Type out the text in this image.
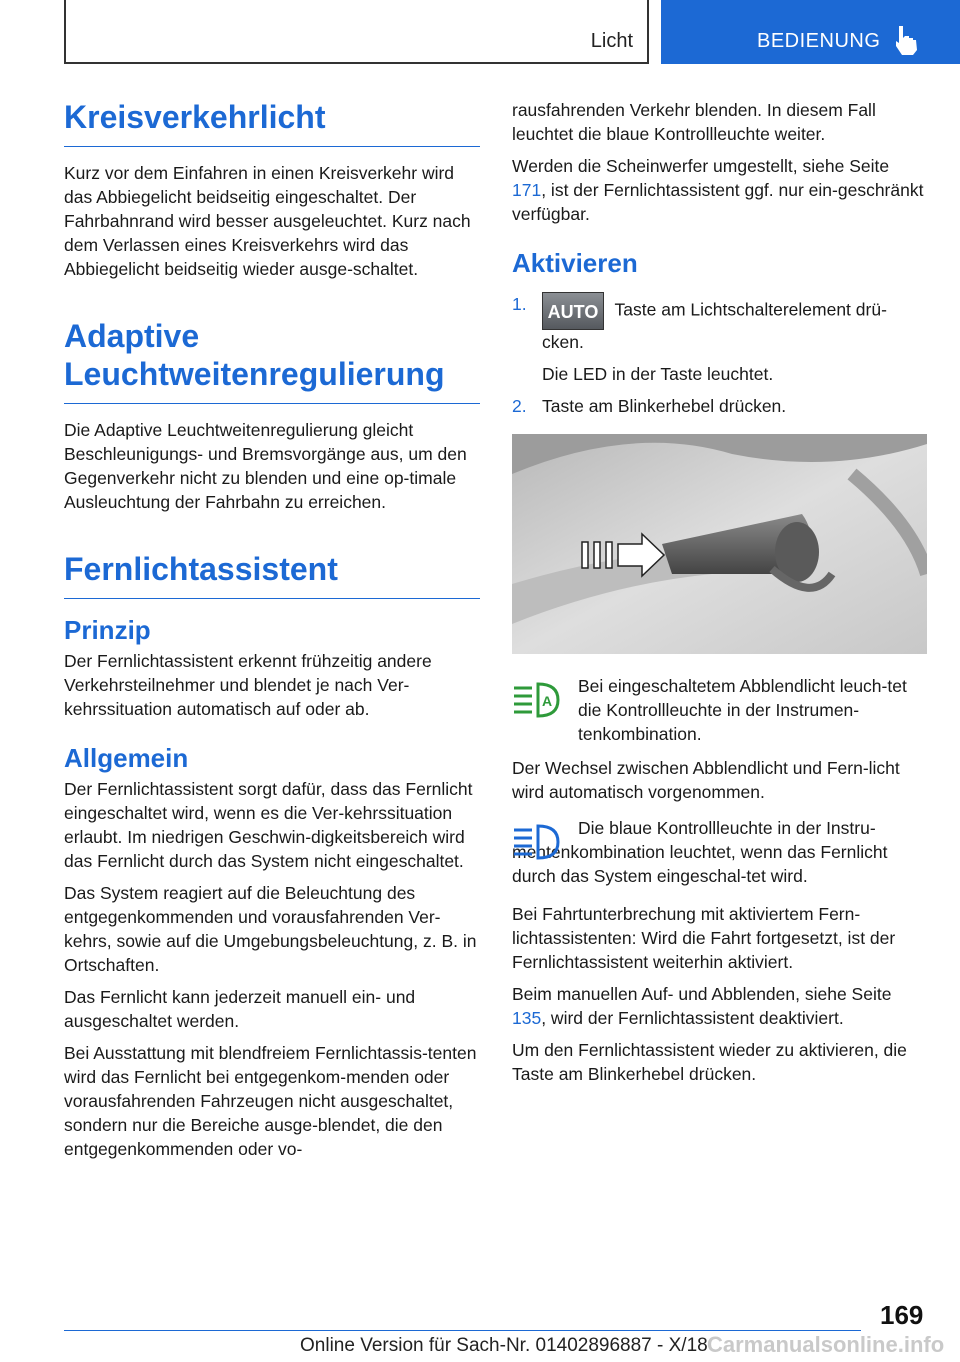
Licht	BEDIENUNG
Kreisverkehrlicht

Kurz vor dem Einfahren in einen Kreisverkehr wird das Abbiegelicht beidseitig eingeschaltet. Der Fahrbahnrand wird besser ausgeleuchtet. Kurz nach dem Verlassen eines Kreisverkehrs wird das Abbiegelicht beidseitig wieder ausge‐schaltet.

Adaptive
Leuchtweitenregulierung

Die Adaptive Leuchtweitenregulierung gleicht Beschleunigungs- und Bremsvorgänge aus, um den Gegenverkehr nicht zu blenden und eine op‐timale Ausleuchtung der Fahrbahn zu erreichen.

Fernlichtassistent
Prinzip

Der Fernlichtassistent erkennt frühzeitig andere Verkehrsteilnehmer und blendet je nach Ver‐kehrssituation automatisch auf oder ab.

Allgemein

Der Fernlichtassistent sorgt dafür, dass das Fernlicht eingeschaltet wird, wenn es die Ver‐kehrssituation erlaubt. Im niedrigen Geschwin‐digkeitsbereich wird das Fernlicht durch das System nicht eingeschaltet.

Das System reagiert auf die Beleuchtung des entgegenkommenden und vorausfahrenden Ver‐kehrs, sowie auf die Umgebungsbeleuchtung, z. B. in Ortschaften.

Das Fernlicht kann jederzeit manuell ein- und ausgeschaltet werden.

Bei Ausstattung mit blendfreiem Fernlichtassis‐tenten wird das Fernlicht bei entgegenkom‐menden oder vorausfahrenden Fahrzeugen nicht ausgeschaltet, sondern nur die Bereiche ausge‐blendet, die den entgegenkommenden oder vo‐

rausfahrenden Verkehr blenden. In diesem Fall leuchtet die blaue Kontrollleuchte weiter.

Werden die Scheinwerfer umgestellt, siehe Seite 171, ist der Fernlichtassistent ggf. nur ein‐geschränkt verfügbar.

Aktivieren
1. AUTO Taste am Lichtschalterelement drü‐cken.
Die LED in der Taste leuchtet.
2. Taste am Blinkerhebel drücken.
A

Bei eingeschaltetem Abblendlicht leuch‐tet die Kontrollleuchte in der Instrumen‐tenkombination.

Der Wechsel zwischen Abblendlicht und Fern‐licht wird automatisch vorgenommen.

Die blaue Kontrollleuchte in der Instru‐mentenkombination leuchtet, wenn das Fernlicht durch das System eingeschal‐tet wird.

Bei Fahrtunterbrechung mit aktiviertem Fern‐lichtassistenten: Wird die Fahrt fortgesetzt, ist der Fernlichtassistent weiterhin aktiviert.

Beim manuellen Auf- und Abblenden, siehe Seite 135, wird der Fernlichtassistent deaktiviert.

Um den Fernlichtassistent wieder zu aktivieren, die Taste am Blinkerhebel drücken.

169
Online Version für Sach-Nr. 01402896887 - X/18 Carmanualsonline.info
